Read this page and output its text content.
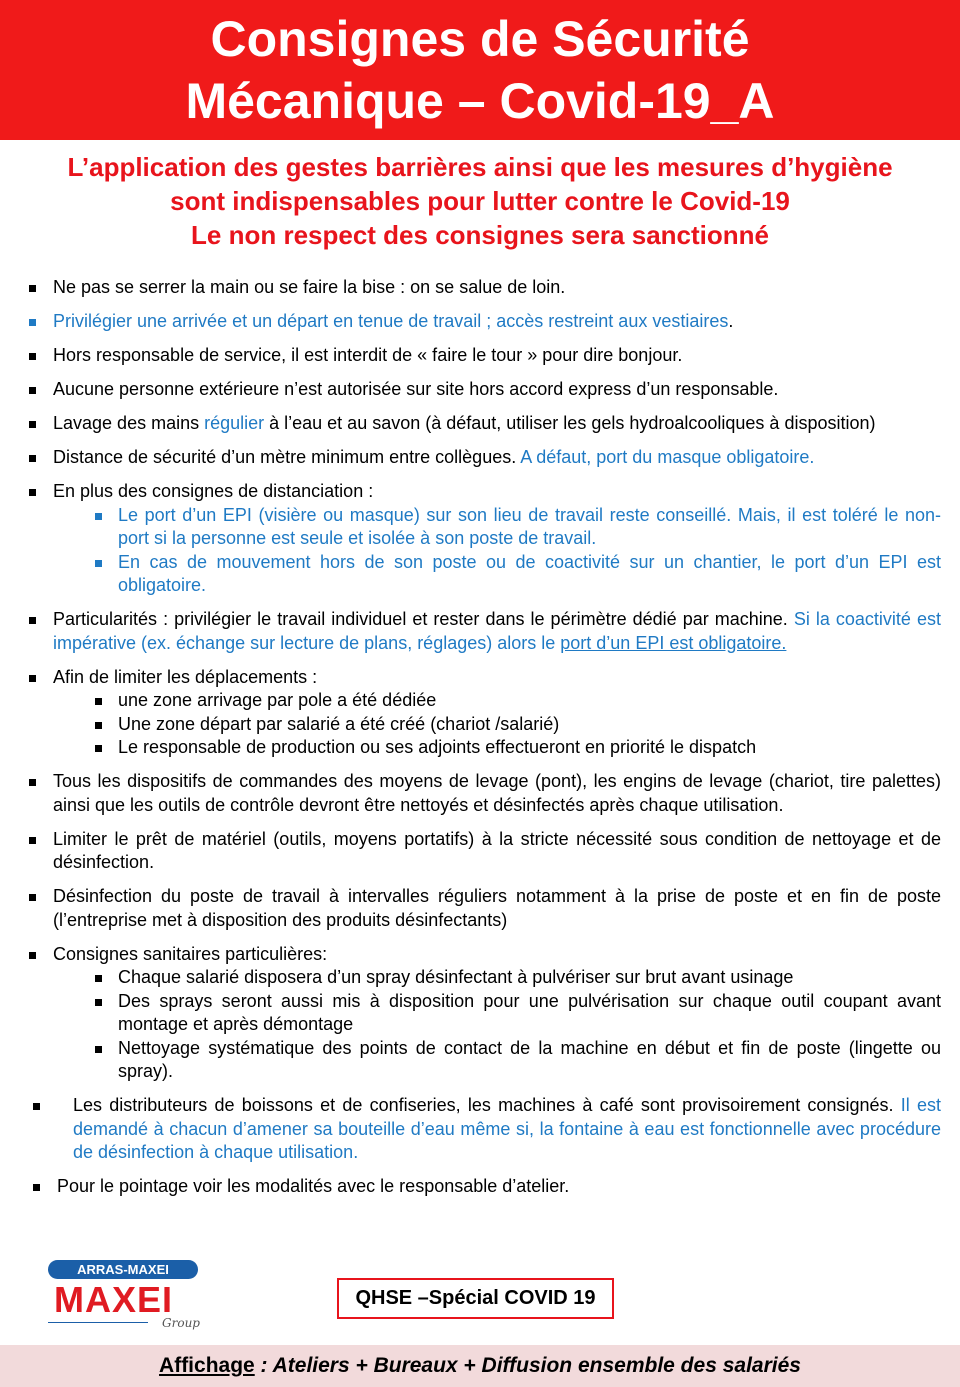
Consignes de Sécurité
Mécanique – Covid-19_A
L’application des gestes barrières ainsi que les mesures d’hygiène
sont indispensables pour lutter contre le Covid-19
Le non respect des consignes sera sanctionné
Ne pas se serrer la main ou se faire la bise : on se salue de loin.
Privilégier une arrivée et un départ en tenue de travail ; accès restreint aux vestiaires.
Hors responsable de service, il est interdit de « faire le tour » pour dire bonjour.
Aucune personne extérieure n’est autorisée sur site hors accord express d’un responsable.
Lavage des mains régulier à l’eau et au savon (à défaut, utiliser les gels hydroalcooliques à disposition)
Distance de sécurité d’un mètre minimum entre collègues. A défaut, port du masque obligatoire.
En plus des consignes de distanciation :
Le port d’un EPI (visière ou masque) sur son lieu de travail reste conseillé. Mais, il est toléré le non-port si la personne est seule et isolée à son poste de travail.
En cas de mouvement hors de son poste ou de coactivité sur un chantier, le port d’un EPI est obligatoire.
Particularités : privilégier le travail individuel et rester dans le périmètre dédié par machine. Si la coactivité est impérative (ex. échange sur lecture de plans, réglages) alors le port d’un EPI est obligatoire.
Afin de limiter les déplacements :
une zone arrivage par pole a été dédiée
Une zone départ par salarié a été créé (chariot /salarié)
Le responsable de production ou ses adjoints effectueront en priorité le dispatch
Tous les dispositifs de commandes des moyens de levage (pont), les engins de levage (chariot, tire palettes) ainsi que les outils de contrôle devront être nettoyés et désinfectés après chaque utilisation.
Limiter le prêt de matériel (outils, moyens portatifs) à la stricte nécessité sous condition de nettoyage et de désinfection.
Désinfection du poste de travail à intervalles réguliers notamment à la prise de poste et en fin de poste (l’entreprise met à disposition des produits désinfectants)
Consignes sanitaires particulières:
Chaque salarié disposera d’un spray désinfectant à pulvériser sur brut avant usinage
Des sprays seront aussi mis à disposition pour une pulvérisation sur chaque outil coupant avant montage et après démontage
Nettoyage systématique des points de contact de la machine en début et fin de poste (lingette ou spray).
Les distributeurs de boissons et de confiseries, les machines à café sont provisoirement consignés. Il est demandé à chacun d’amener sa bouteille d’eau même si, la fontaine à eau est fonctionnelle avec procédure de désinfection à chaque utilisation.
Pour le pointage voir les modalités avec le responsable d’atelier.
ARRAS-MAXEI
MAXEI
Group
QHSE –Spécial COVID 19
Affichage : Ateliers + Bureaux + Diffusion ensemble des salariés
